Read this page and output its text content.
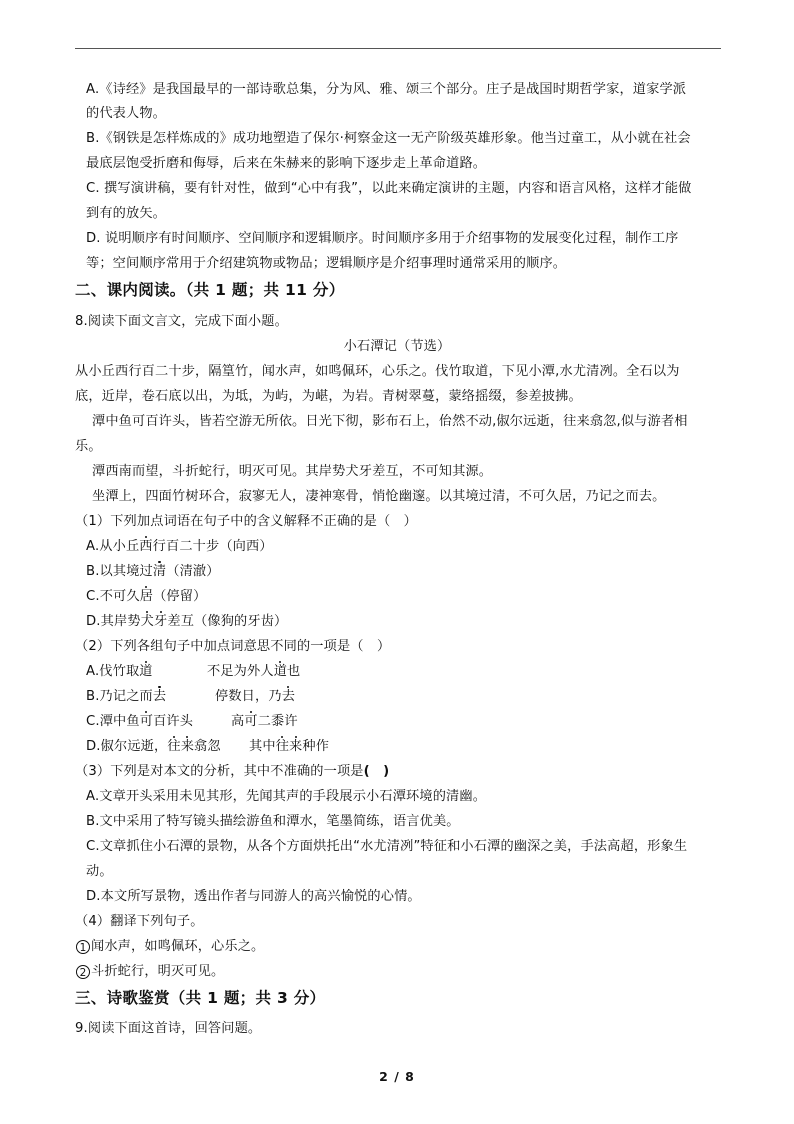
A.《诗经》是我国最早的一部诗歌总集，分为风、雅、颂三个部分。庄子是战国时期哲学家，道家学派
的代表人物。
B.《钢铁是怎样炼成的》成功地塑造了保尔·柯察金这一无产阶级英雄形象。他当过童工，从小就在社会
最底层饱受折磨和侮辱，后来在朱赫来的影响下逐步走上革命道路。
C. 撰写演讲稿，要有针对性，做到“心中有我”，以此来确定演讲的主题，内容和语言风格，这样才能做
到有的放矢。
D. 说明顺序有时间顺序、空间顺序和逻辑顺序。时间顺序多用于介绍事物的发展变化过程，制作工序
等；空间顺序常用于介绍建筑物或物品；逻辑顺序是介绍事理时通常采用的顺序。
二、课内阅读。（共 1 题；共 11 分）
8.阅读下面文言文，完成下面小题。
小石潭记（节选）
从小丘西行百二十步，隔篁竹，闻水声，如鸣佩环，心乐之。伐竹取道，下见小潭,水尤清冽。全石以为
底，近岸，卷石底以出，为坻，为屿，为嵁，为岩。青树翠蔓，蒙络摇缀，参差披拂。
潭中鱼可百许头，皆若空游无所依。日光下彻，影布石上，佁然不动,俶尔远逝，往来翕忽,似与游者相
乐。
潭西南而望，斗折蛇行，明灭可见。其岸势犬牙差互，不可知其源。
坐潭上，四面竹树环合，寂寥无人，凄神寒骨，悄怆幽邃。以其境过清，不可久居，乃记之而去。
（1）下列加点词语在句子中的含义解释不正确的是（　）
A.从小丘西行百二十步（向西）
B.以其境过清（清澈）
C.不可久居（停留）
D.其岸势犬牙差互（像狗的牙齿）
（2）下列各组句子中加点词意思不同的一项是（　）
A.伐竹取道	不足为外人道也
B.乃记之而去	停数日，乃去
C.潭中鱼可百许头	高可二黍许
D.俶尔远逝，往来翕忽 其中往来种作
（3）下列是对本文的分析，其中不准确的一项是(　)
A.文章开头采用未见其形，先闻其声的手段展示小石潭环境的清幽。
B.文中采用了特写镜头描绘游鱼和潭水，笔墨简练，语言优美。
C.文章抓住小石潭的景物，从各个方面烘托出“水尤清冽”特征和小石潭的幽深之美，手法高超，形象生
动。
D.本文所写景物，透出作者与同游人的高兴愉悦的心情。
（4）翻译下列句子。
1 闻水声，如鸣佩环，心乐之。
2 斗折蛇行，明灭可见。
三、诗歌鉴赏（共 1 题；共 3 分）
9.阅读下面这首诗，回答问题。
2 / 8
